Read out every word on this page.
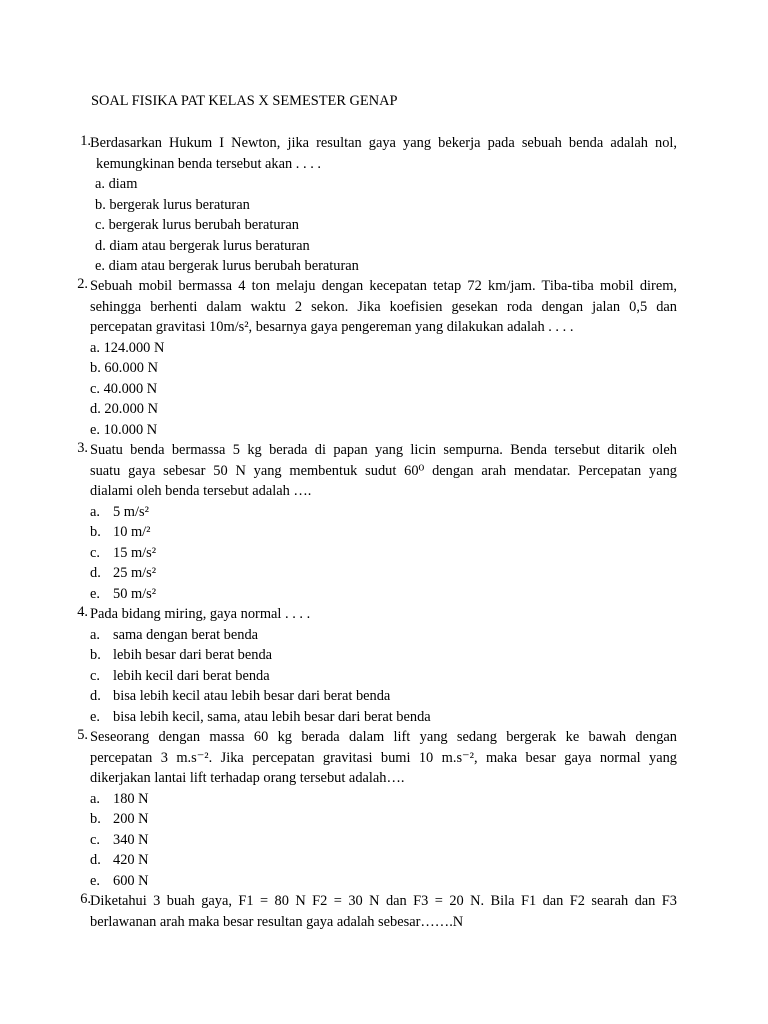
SOAL FISIKA PAT KELAS X SEMESTER GENAP
1. Berdasarkan Hukum I Newton, jika resultan gaya yang bekerja pada sebuah benda adalah nol,
kemungkinan benda tersebut akan . . . .
a. diam
b. bergerak lurus beraturan
c. bergerak lurus berubah beraturan
d. diam atau bergerak lurus beraturan
e. diam atau bergerak lurus berubah beraturan
2. Sebuah mobil bermassa 4 ton melaju dengan kecepatan tetap 72 km/jam. Tiba-tiba mobil direm,
sehingga berhenti dalam waktu 2 sekon. Jika koefisien gesekan roda dengan jalan 0,5 dan
percepatan gravitasi 10m/s², besarnya gaya pengereman yang dilakukan adalah . . . .
a. 124.000 N
b. 60.000 N
c. 40.000 N
d. 20.000 N
e. 10.000 N
3. Suatu benda bermassa 5 kg berada di papan yang licin sempurna. Benda tersebut ditarik oleh
suatu gaya sebesar 50 N yang membentuk sudut 60⁰ dengan arah mendatar. Percepatan yang
dialami oleh benda tersebut adalah ….
a. 5 m/s²
b. 10 m/²
c. 15 m/s²
d. 25 m/s²
e. 50 m/s²
4. Pada bidang miring, gaya normal . . . .
a. sama dengan berat benda
b. lebih besar dari berat benda
c. lebih kecil dari berat benda
d. bisa lebih kecil atau lebih besar dari berat benda
e. bisa lebih kecil, sama, atau lebih besar dari berat benda
5. Seseorang dengan massa 60 kg berada dalam lift yang sedang bergerak ke bawah dengan
percepatan 3 m.s⁻². Jika percepatan gravitasi bumi 10 m.s⁻², maka besar gaya normal yang
dikerjakan lantai lift terhadap orang tersebut adalah….
a. 180 N
b. 200 N
c. 340 N
d. 420 N
e. 600 N
6. Diketahui 3 buah gaya, F1 = 80 N F2 = 30 N dan F3 = 20 N. Bila F1 dan F2 searah dan F3
berlawanan arah maka besar resultan gaya adalah sebesar…….N
